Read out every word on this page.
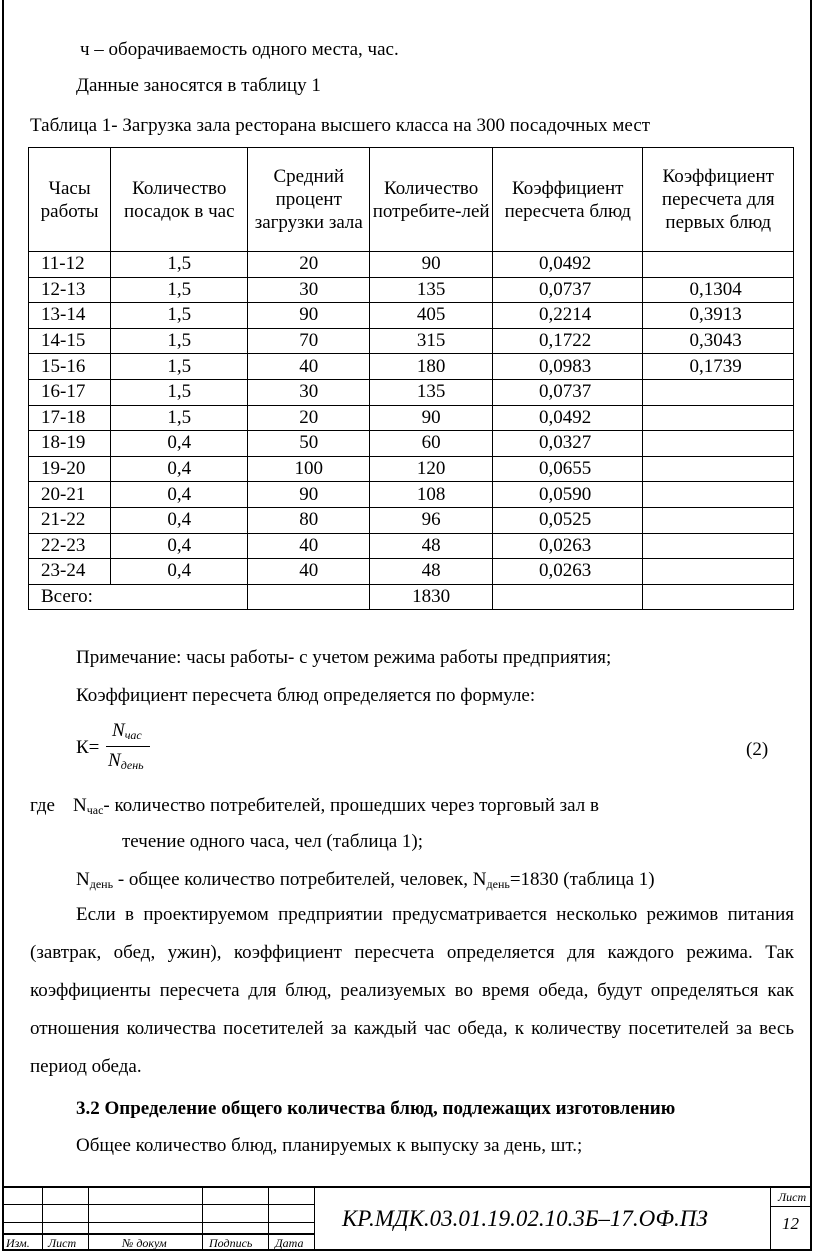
ч – оборачиваемость одного места, час.
Данные заносятся в таблицу 1
Таблица 1- Загрузка зала ресторана высшего класса на 300 посадочных мест
Часы работы	Количество посадок в час	Средний процент загрузки зала	Количество потребите-лей	Коэффициент пересчета блюд	Коэффициент пересчета для первых блюд
11-12	1,5	20	90	0,0492	
12-13	1,5	30	135	0,0737	0,1304
13-14	1,5	90	405	0,2214	0,3913
14-15	1,5	70	315	0,1722	0,3043
15-16	1,5	40	180	0,0983	0,1739
16-17	1,5	30	135	0,0737	
17-18	1,5	20	90	0,0492	
18-19	0,4	50	60	0,0327	
19-20	0,4	100	120	0,0655	
20-21	0,4	90	108	0,0590	
21-22	0,4	80	96	0,0525	
22-23	0,4	40	48	0,0263	
23-24	0,4	40	48	0,0263	
Всего:			1830		
Примечание: часы работы- с учетом режима работы предприятия;
Коэффициент пересчета блюд определяется по формуле:
К=
$N_{час}$
$N_{день}$
(2)
где $N_{час}-$ количество потребителей, прошедших через торговый зал в
течение одного часа, чел (таблица 1);
$N_{день}$ - общее количество потребителей, человек, $N_{день}=1830$ (таблица 1)
Если в проектируемом предприятии предусматривается несколько режимов питания (завтрак, обед, ужин), коэффициент пересчета определяется для каждого режима. Так коэффициенты пересчета для блюд, реализуемых во время обеда, будут определяться как отношения количества посетителей за каждый час обеда, к количеству посетителей за весь период обеда.
3.2 Определение общего количества блюд, подлежащих изготовлению
Общее количество блюд, планируемых к выпуску за день, шт.;
Изм. Лист	№ докум	Подпись Дата
КР.МДК.03.01.19.02.10.3Б–17.ОФ.ПЗ
Лист
12
